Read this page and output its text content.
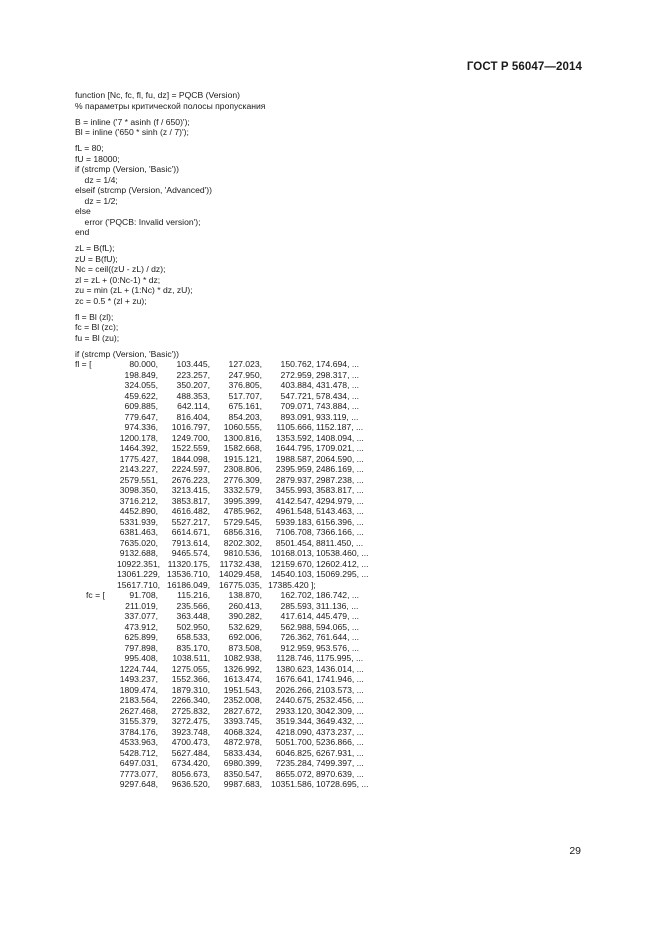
ГОСТ Р 56047—2014
function [Nc, fc, fl, fu, dz] = PQCB (Version)
% параметры критической полосы пропускания
B = inline ('7 * asinh (f / 650)');
Bl = inline ('650 * sinh (z / 7)');
fL = 80;
fU = 18000;
if (strcmp (Version, 'Basic'))
dz = 1/4;
elseif (strcmp (Version, 'Advanced'))
dz = 1/2;
else
error ('PQCB: Invalid version');
end
zL = B(fL);
zU = B(fU);
Nc = ceil((zU - zL) / dz);
zl = zL + (0:Nc-1) * dz;
zu = min (zL + (1:Nc) * dz, zU);
zc = 0.5 * (zl + zu);
fl = Bl (zl);
fc = Bl (zc);
fu = Bl (zu);
if (strcmp (Version, 'Basic'))
fl = [	80.000,	103.445,	127.023,	150.762, 174.694, ...
198.849,	223.257,	247.950,	272.959, 298.317, ...
324.055,	350.207,	376.805,	403.884, 431.478, ...
459.622,	488.353,	517.707,	547.721, 578.434, ...
609.885,	642.114,	675.161,	709.071, 743.884, ...
779.647,	816.404,	854.203,	893.091, 933.119, ...
974.336,	1016.797,	1060.555,	1105.666, 1152.187, ...
1200.178,	1249.700,	1300.816,	1353.592, 1408.094, ...
1464.392,	1522.559,	1582.668,	1644.795, 1709.021, ...
1775.427,	1844.098,	1915.121,	1988.587, 2064.590, ...
2143.227,	2224.597,	2308.806,	2395.959, 2486.169, ...
2579.551,	2676.223,	2776.309,	2879.937, 2987.238, ...
3098.350,	3213.415,	3332.579,	3455.993, 3583.817, ...
3716.212,	3853.817,	3995.399,	4142.547, 4294.979, ...
4452.890,	4616.482,	4785.962,	4961.548, 5143.463, ...
5331.939,	5527.217,	5729.545,	5939.183, 6156.396, ...
6381.463,	6614.671,	6856.316,	7106.708, 7366.166, ...
7635.020,	7913.614,	8202.302,	8501.454, 8811.450, ...
9132.688,	9465.574,	9810.536,	10168.013, 10538.460, ...
10922.351, 11320.175,	11732.438,	12159.670, 12602.412, ...
13061.229, 13536.710,	14029.458,	14540.103, 15069.295, ...
15617.710, 16186.049,	16775.035, 17385.420 ];
fc = [	91.708,	115.216,	138.870,	162.702, 186.742, ...
211.019,	235.566,	260.413,	285.593, 311.136, ...
337.077,	363.448,	390.282,	417.614, 445.479, ...
473.912,	502.950,	532.629,	562.988, 594.065, ...
625.899,	658.533,	692.006,	726.362, 761.644, ...
797.898,	835.170,	873.508,	912.959, 953.576, ...
995.408,	1038.511,	1082.938,	1128.746, 1175.995, ...
1224.744,	1275.055,	1326.992,	1380.623, 1436.014, ...
1493.237,	1552.366,	1613.474,	1676.641, 1741.946, ...
1809.474,	1879.310,	1951.543,	2026.266, 2103.573, ...
2183.564,	2266.340,	2352.008,	2440.675, 2532.456, ...
2627.468,	2725.832,	2827.672,	2933.120, 3042.309, ...
3155.379,	3272.475,	3393.745,	3519.344, 3649.432, ...
3784.176,	3923.748,	4068.324,	4218.090, 4373.237, ...
4533.963,	4700.473,	4872.978,	5051.700, 5236.866, ...
5428.712,	5627.484,	5833.434,	6046.825, 6267.931, ...
6497.031,	6734.420,	6980.399,	7235.284, 7499.397, ...
7773.077,	8056.673,	8350.547,	8655.072, 8970.639, ...
9297.648,	9636.520,	9987.683,	10351.586, 10728.695, ...
29
